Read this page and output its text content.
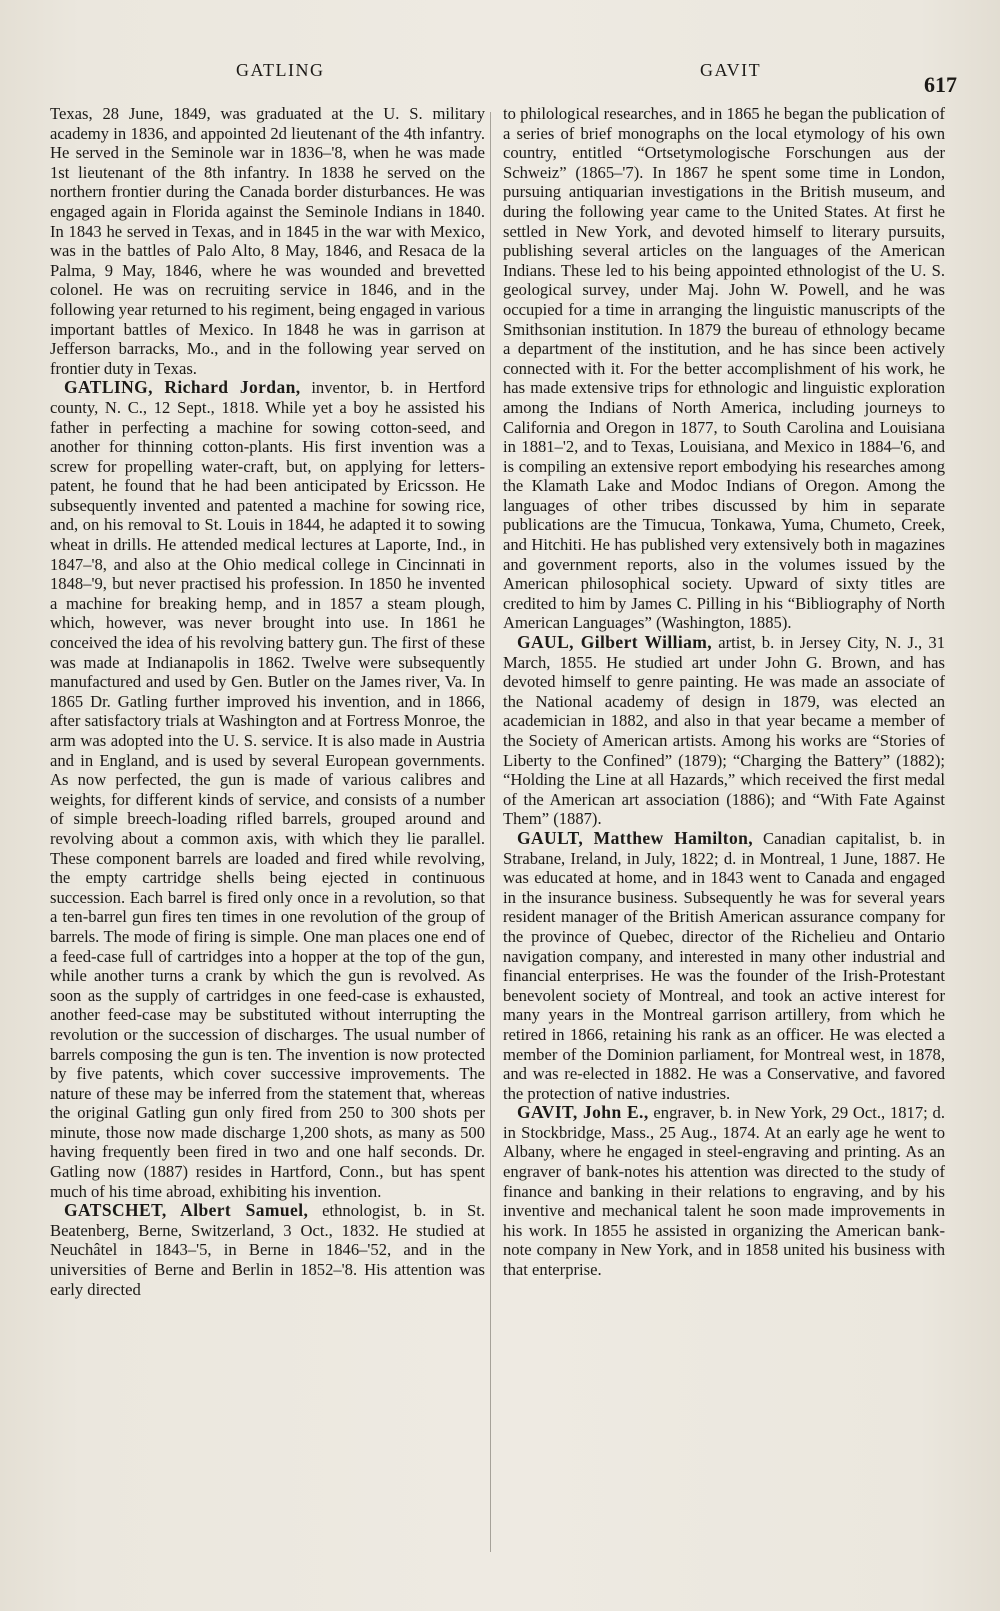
GATLING	GAVIT
617

Texas, 28 June, 1849, was graduated at the U. S. military academy in 1836, and appointed 2d lieutenant of the 4th infantry. He served in the Seminole war in 1836–'8, when he was made 1st lieutenant of the 8th infantry. In 1838 he served on the northern frontier during the Canada border disturbances. He was engaged again in Florida against the Seminole Indians in 1840. In 1843 he served in Texas, and in 1845 in the war with Mexico, was in the battles of Palo Alto, 8 May, 1846, and Resaca de la Palma, 9 May, 1846, where he was wounded and brevetted colonel. He was on recruiting service in 1846, and in the following year returned to his regiment, being engaged in various important battles of Mexico. In 1848 he was in garrison at Jefferson barracks, Mo., and in the following year served on frontier duty in Texas.

GATLING, Richard Jordan, inventor, b. in Hertford county, N. C., 12 Sept., 1818. While yet a boy he assisted his father in perfecting a machine for sowing cotton-seed, and another for thinning cotton-plants. His first invention was a screw for propelling water-craft, but, on applying for letters-patent, he found that he had been anticipated by Ericsson. He subsequently invented and patented a machine for sowing rice, and, on his removal to St. Louis in 1844, he adapted it to sowing wheat in drills. He attended medical lectures at Laporte, Ind., in 1847–'8, and also at the Ohio medical college in Cincinnati in 1848–'9, but never practised his profession. In 1850 he invented a machine for breaking hemp, and in 1857 a steam plough, which, however, was never brought into use. In 1861 he conceived the idea of his revolving battery gun. The first of these was made at Indianapolis in 1862. Twelve were subsequently manufactured and used by Gen. Butler on the James river, Va. In 1865 Dr. Gatling further improved his invention, and in 1866, after satisfactory trials at Washington and at Fortress Monroe, the arm was adopted into the U. S. service. It is also made in Austria and in England, and is used by several European governments. As now perfected, the gun is made of various calibres and weights, for different kinds of service, and consists of a number of simple breech-loading rifled barrels, grouped around and revolving about a common axis, with which they lie parallel. These component barrels are loaded and fired while revolving, the empty cartridge shells being ejected in continuous succession. Each barrel is fired only once in a revolution, so that a ten-barrel gun fires ten times in one revolution of the group of barrels. The mode of firing is simple. One man places one end of a feed-case full of cartridges into a hopper at the top of the gun, while another turns a crank by which the gun is revolved. As soon as the supply of cartridges in one feed-case is exhausted, another feed-case may be substituted without interrupting the revolution or the succession of discharges. The usual number of barrels composing the gun is ten. The invention is now protected by five patents, which cover successive improvements. The nature of these may be inferred from the statement that, whereas the original Gatling gun only fired from 250 to 300 shots per minute, those now made discharge 1,200 shots, as many as 500 having frequently been fired in two and one half seconds. Dr. Gatling now (1887) resides in Hartford, Conn., but has spent much of his time abroad, exhibiting his invention.

GATSCHET, Albert Samuel, ethnologist, b. in St. Beatenberg, Berne, Switzerland, 3 Oct., 1832. He studied at Neuchâtel in 1843–'5, in Berne in 1846–'52, and in the universities of Berne and Berlin in 1852–'8. His attention was early directed

to philological researches, and in 1865 he began the publication of a series of brief monographs on the local etymology of his own country, entitled “Ortsetymologische Forschungen aus der Schweiz” (1865–'7). In 1867 he spent some time in London, pursuing antiquarian investigations in the British museum, and during the following year came to the United States. At first he settled in New York, and devoted himself to literary pursuits, publishing several articles on the languages of the American Indians. These led to his being appointed ethnologist of the U. S. geological survey, under Maj. John W. Powell, and he was occupied for a time in arranging the linguistic manuscripts of the Smithsonian institution. In 1879 the bureau of ethnology became a department of the institution, and he has since been actively connected with it. For the better accomplishment of his work, he has made extensive trips for ethnologic and linguistic exploration among the Indians of North America, including journeys to California and Oregon in 1877, to South Carolina and Louisiana in 1881–'2, and to Texas, Louisiana, and Mexico in 1884–'6, and is compiling an extensive report embodying his researches among the Klamath Lake and Modoc Indians of Oregon. Among the languages of other tribes discussed by him in separate publications are the Timucua, Tonkawa, Yuma, Chumeto, Creek, and Hitchiti. He has published very extensively both in magazines and government reports, also in the volumes issued by the American philosophical society. Upward of sixty titles are credited to him by James C. Pilling in his “Bibliography of North American Languages” (Washington, 1885).

GAUL, Gilbert William, artist, b. in Jersey City, N. J., 31 March, 1855. He studied art under John G. Brown, and has devoted himself to genre painting. He was made an associate of the National academy of design in 1879, was elected an academician in 1882, and also in that year became a member of the Society of American artists. Among his works are “Stories of Liberty to the Confined” (1879); “Charging the Battery” (1882); “Holding the Line at all Hazards,” which received the first medal of the American art association (1886); and “With Fate Against Them” (1887).

GAULT, Matthew Hamilton, Canadian capitalist, b. in Strabane, Ireland, in July, 1822; d. in Montreal, 1 June, 1887. He was educated at home, and in 1843 went to Canada and engaged in the insurance business. Subsequently he was for several years resident manager of the British American assurance company for the province of Quebec, director of the Richelieu and Ontario navigation company, and interested in many other industrial and financial enterprises. He was the founder of the Irish-Protestant benevolent society of Montreal, and took an active interest for many years in the Montreal garrison artillery, from which he retired in 1866, retaining his rank as an officer. He was elected a member of the Dominion parliament, for Montreal west, in 1878, and was re-elected in 1882. He was a Conservative, and favored the protection of native industries.

GAVIT, John E., engraver, b. in New York, 29 Oct., 1817; d. in Stockbridge, Mass., 25 Aug., 1874. At an early age he went to Albany, where he engaged in steel-engraving and printing. As an engraver of bank-notes his attention was directed to the study of finance and banking in their relations to engraving, and by his inventive and mechanical talent he soon made improvements in his work. In 1855 he assisted in organizing the American bank-note company in New York, and in 1858 united his business with that enterprise.
